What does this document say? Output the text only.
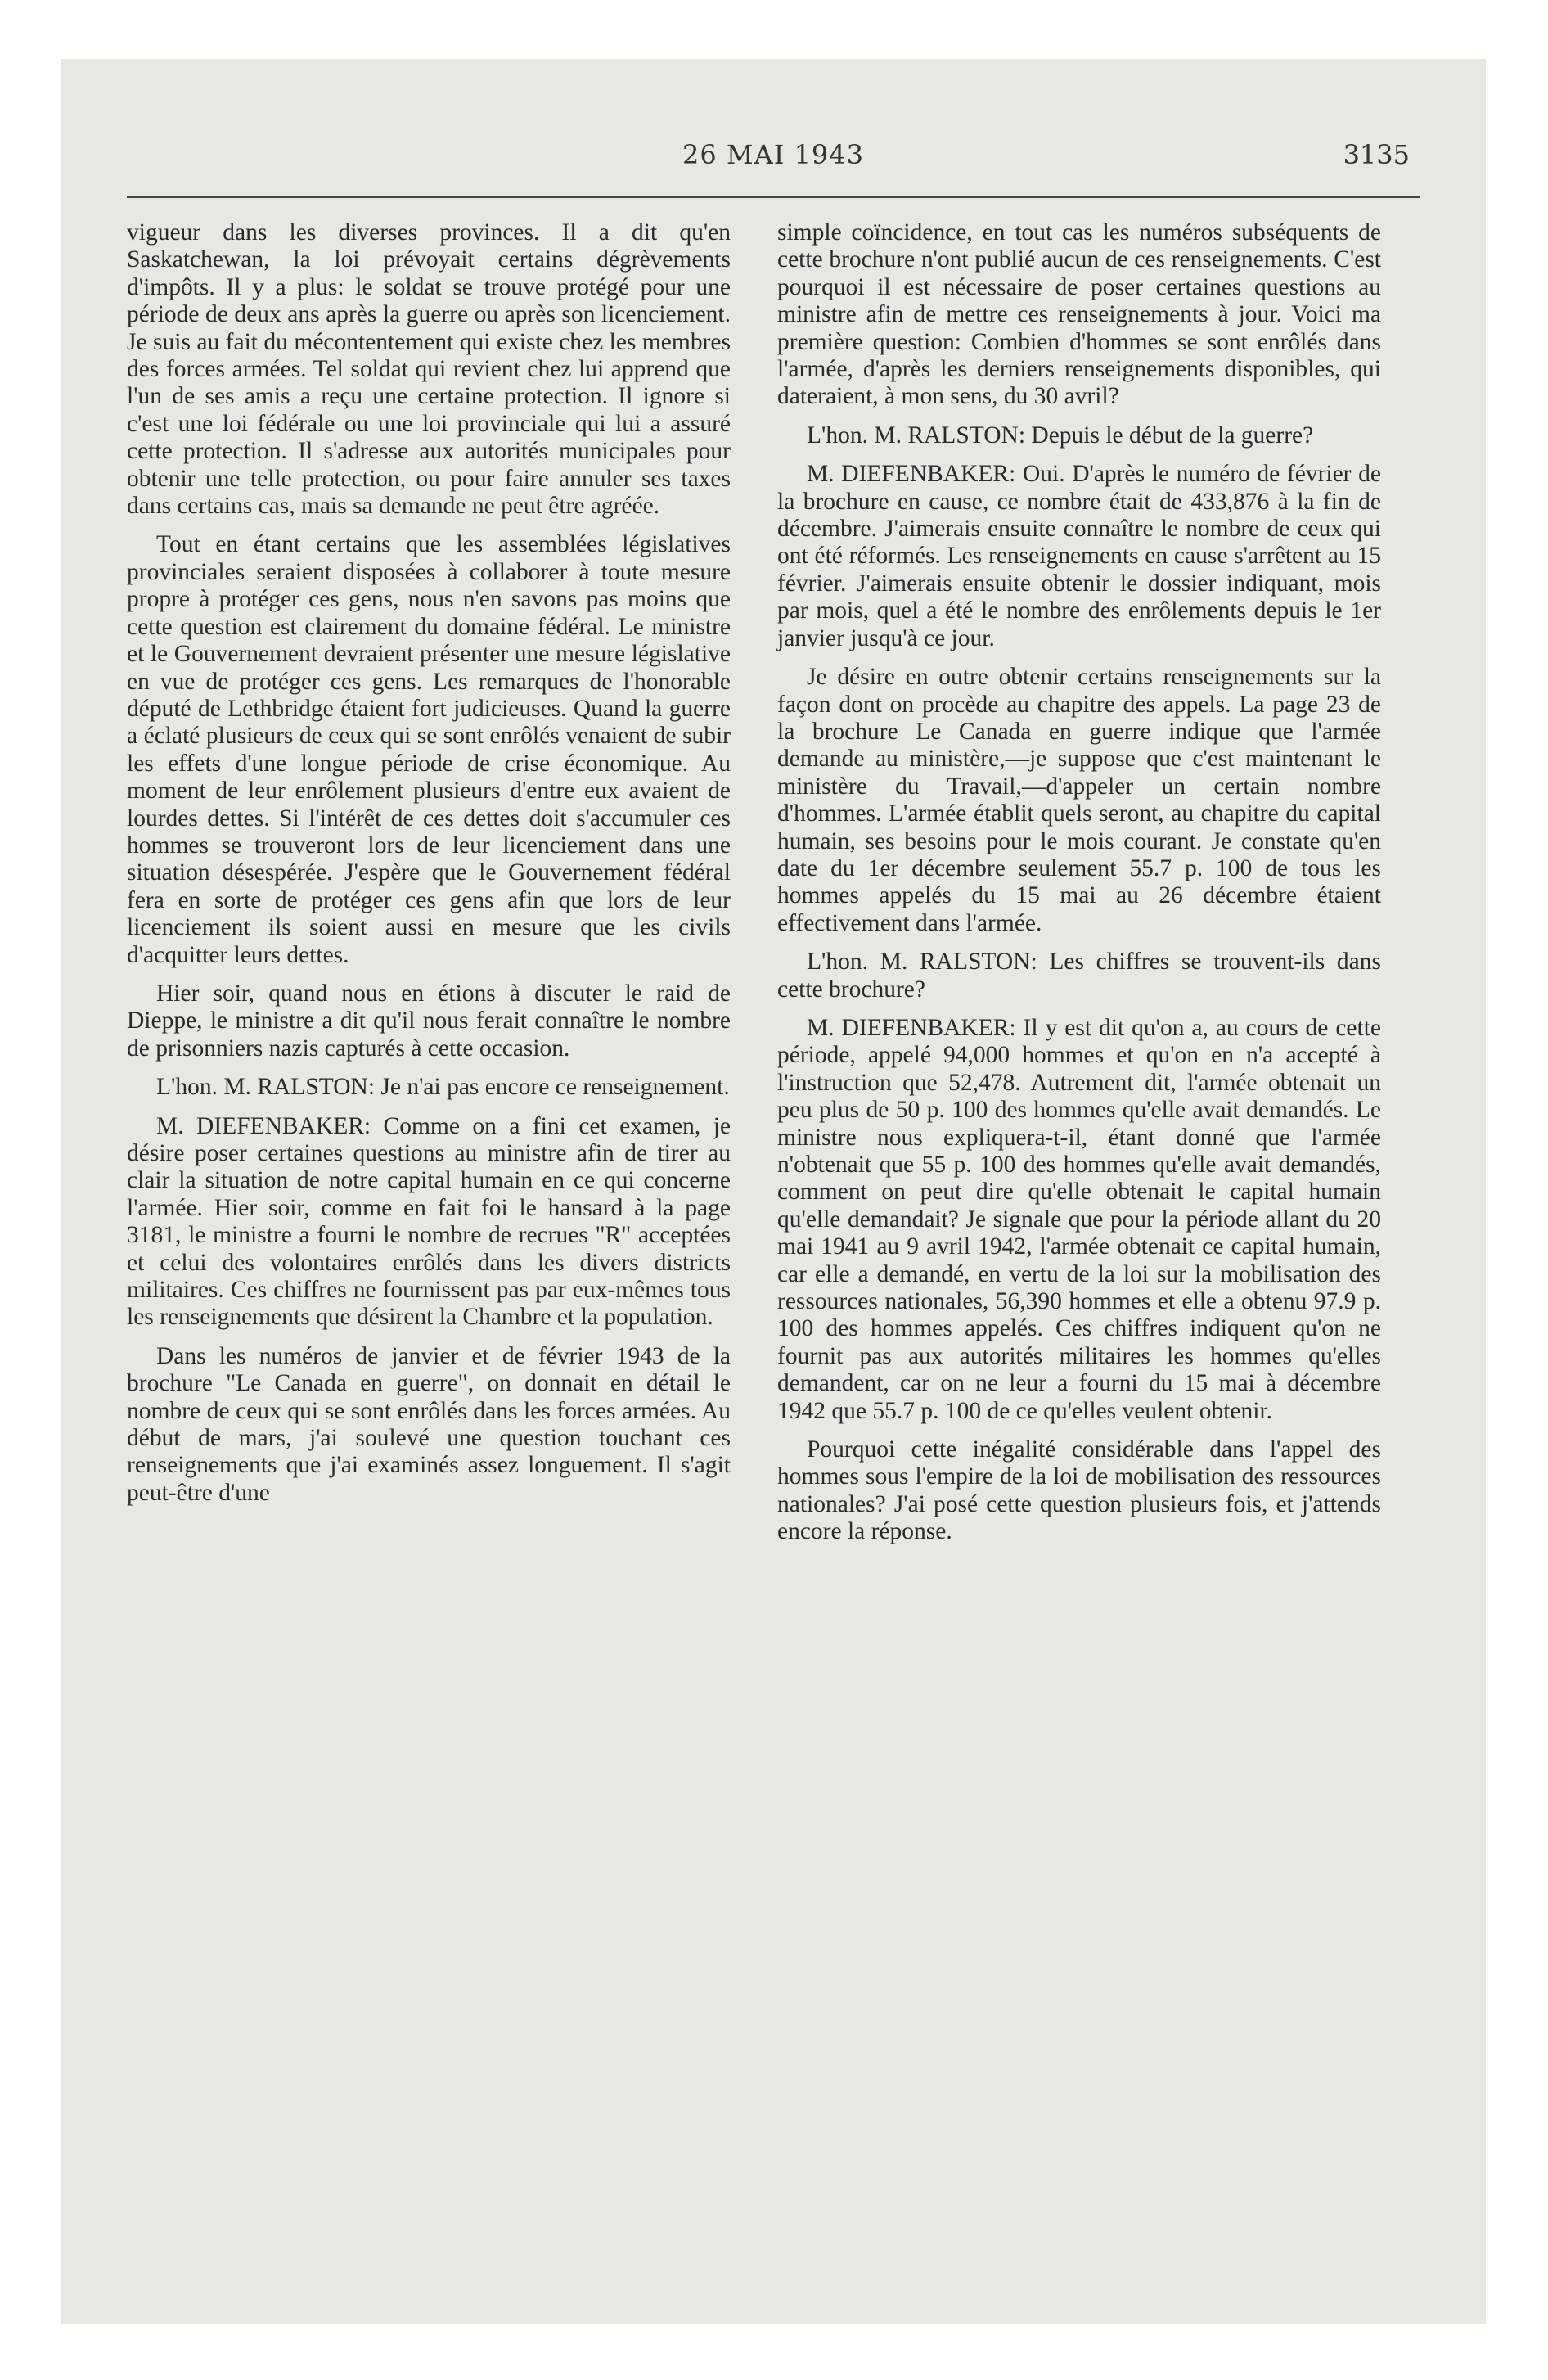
26 MAI 1943	3135

vigueur dans les diverses provinces. Il a dit qu'en Saskatchewan, la loi prévoyait certains dégrèvements d'impôts. Il y a plus: le soldat se trouve protégé pour une période de deux ans après la guerre ou après son licenciement. Je suis au fait du mécontentement qui existe chez les membres des forces armées. Tel soldat qui revient chez lui apprend que l'un de ses amis a reçu une certaine protection. Il ignore si c'est une loi fédérale ou une loi provinciale qui lui a assuré cette protection. Il s'adresse aux autorités municipales pour obtenir une telle protection, ou pour faire annuler ses taxes dans certains cas, mais sa demande ne peut être agréée.

Tout en étant certains que les assemblées législatives provinciales seraient disposées à collaborer à toute mesure propre à protéger ces gens, nous n'en savons pas moins que cette question est clairement du domaine fédéral. Le ministre et le Gouvernement devraient présenter une mesure législative en vue de protéger ces gens. Les remarques de l'honorable député de Lethbridge étaient fort judicieuses. Quand la guerre a éclaté plusieurs de ceux qui se sont enrôlés venaient de subir les effets d'une longue période de crise économique. Au moment de leur enrôlement plusieurs d'entre eux avaient de lourdes dettes. Si l'intérêt de ces dettes doit s'accumuler ces hommes se trouveront lors de leur licenciement dans une situation désespérée. J'espère que le Gouvernement fédéral fera en sorte de protéger ces gens afin que lors de leur licenciement ils soient aussi en mesure que les civils d'acquitter leurs dettes.

Hier soir, quand nous en étions à discuter le raid de Dieppe, le ministre a dit qu'il nous ferait connaître le nombre de prisonniers nazis capturés à cette occasion.

L'hon. M. RALSTON: Je n'ai pas encore ce renseignement.

M. DIEFENBAKER: Comme on a fini cet examen, je désire poser certaines questions au ministre afin de tirer au clair la situation de notre capital humain en ce qui concerne l'armée. Hier soir, comme en fait foi le hansard à la page 3181, le ministre a fourni le nombre de recrues "R" acceptées et celui des volontaires enrôlés dans les divers districts militaires. Ces chiffres ne fournissent pas par eux-mêmes tous les renseignements que désirent la Chambre et la population.

Dans les numéros de janvier et de février 1943 de la brochure "Le Canada en guerre", on donnait en détail le nombre de ceux qui se sont enrôlés dans les forces armées. Au début de mars, j'ai soulevé une question touchant ces renseignements que j'ai examinés assez longuement. Il s'agit peut-être d'une

simple coïncidence, en tout cas les numéros subséquents de cette brochure n'ont publié aucun de ces renseignements. C'est pourquoi il est nécessaire de poser certaines questions au ministre afin de mettre ces renseignements à jour. Voici ma première question: Combien d'hommes se sont enrôlés dans l'armée, d'après les derniers renseignements disponibles, qui dateraient, à mon sens, du 30 avril?

L'hon. M. RALSTON: Depuis le début de la guerre?

M. DIEFENBAKER: Oui. D'après le numéro de février de la brochure en cause, ce nombre était de 433,876 à la fin de décembre. J'aimerais ensuite connaître le nombre de ceux qui ont été réformés. Les renseignements en cause s'arrêtent au 15 février. J'aimerais ensuite obtenir le dossier indiquant, mois par mois, quel a été le nombre des enrôlements depuis le 1er janvier jusqu'à ce jour.

Je désire en outre obtenir certains renseignements sur la façon dont on procède au chapitre des appels. La page 23 de la brochure Le Canada en guerre indique que l'armée demande au ministère,—je suppose que c'est maintenant le ministère du Travail,—d'appeler un certain nombre d'hommes. L'armée établit quels seront, au chapitre du capital humain, ses besoins pour le mois courant. Je constate qu'en date du 1er décembre seulement 55.7 p. 100 de tous les hommes appelés du 15 mai au 26 décembre étaient effectivement dans l'armée.

L'hon. M. RALSTON: Les chiffres se trouvent-ils dans cette brochure?

M. DIEFENBAKER: Il y est dit qu'on a, au cours de cette période, appelé 94,000 hommes et qu'on en n'a accepté à l'instruction que 52,478. Autrement dit, l'armée obtenait un peu plus de 50 p. 100 des hommes qu'elle avait demandés. Le ministre nous expliquera-t-il, étant donné que l'armée n'obtenait que 55 p. 100 des hommes qu'elle avait demandés, comment on peut dire qu'elle obtenait le capital humain qu'elle demandait? Je signale que pour la période allant du 20 mai 1941 au 9 avril 1942, l'armée obtenait ce capital humain, car elle a demandé, en vertu de la loi sur la mobilisation des ressources nationales, 56,390 hommes et elle a obtenu 97.9 p. 100 des hommes appelés. Ces chiffres indiquent qu'on ne fournit pas aux autorités militaires les hommes qu'elles demandent, car on ne leur a fourni du 15 mai à décembre 1942 que 55.7 p. 100 de ce qu'elles veulent obtenir.

Pourquoi cette inégalité considérable dans l'appel des hommes sous l'empire de la loi de mobilisation des ressources nationales? J'ai posé cette question plusieurs fois, et j'attends encore la réponse.
